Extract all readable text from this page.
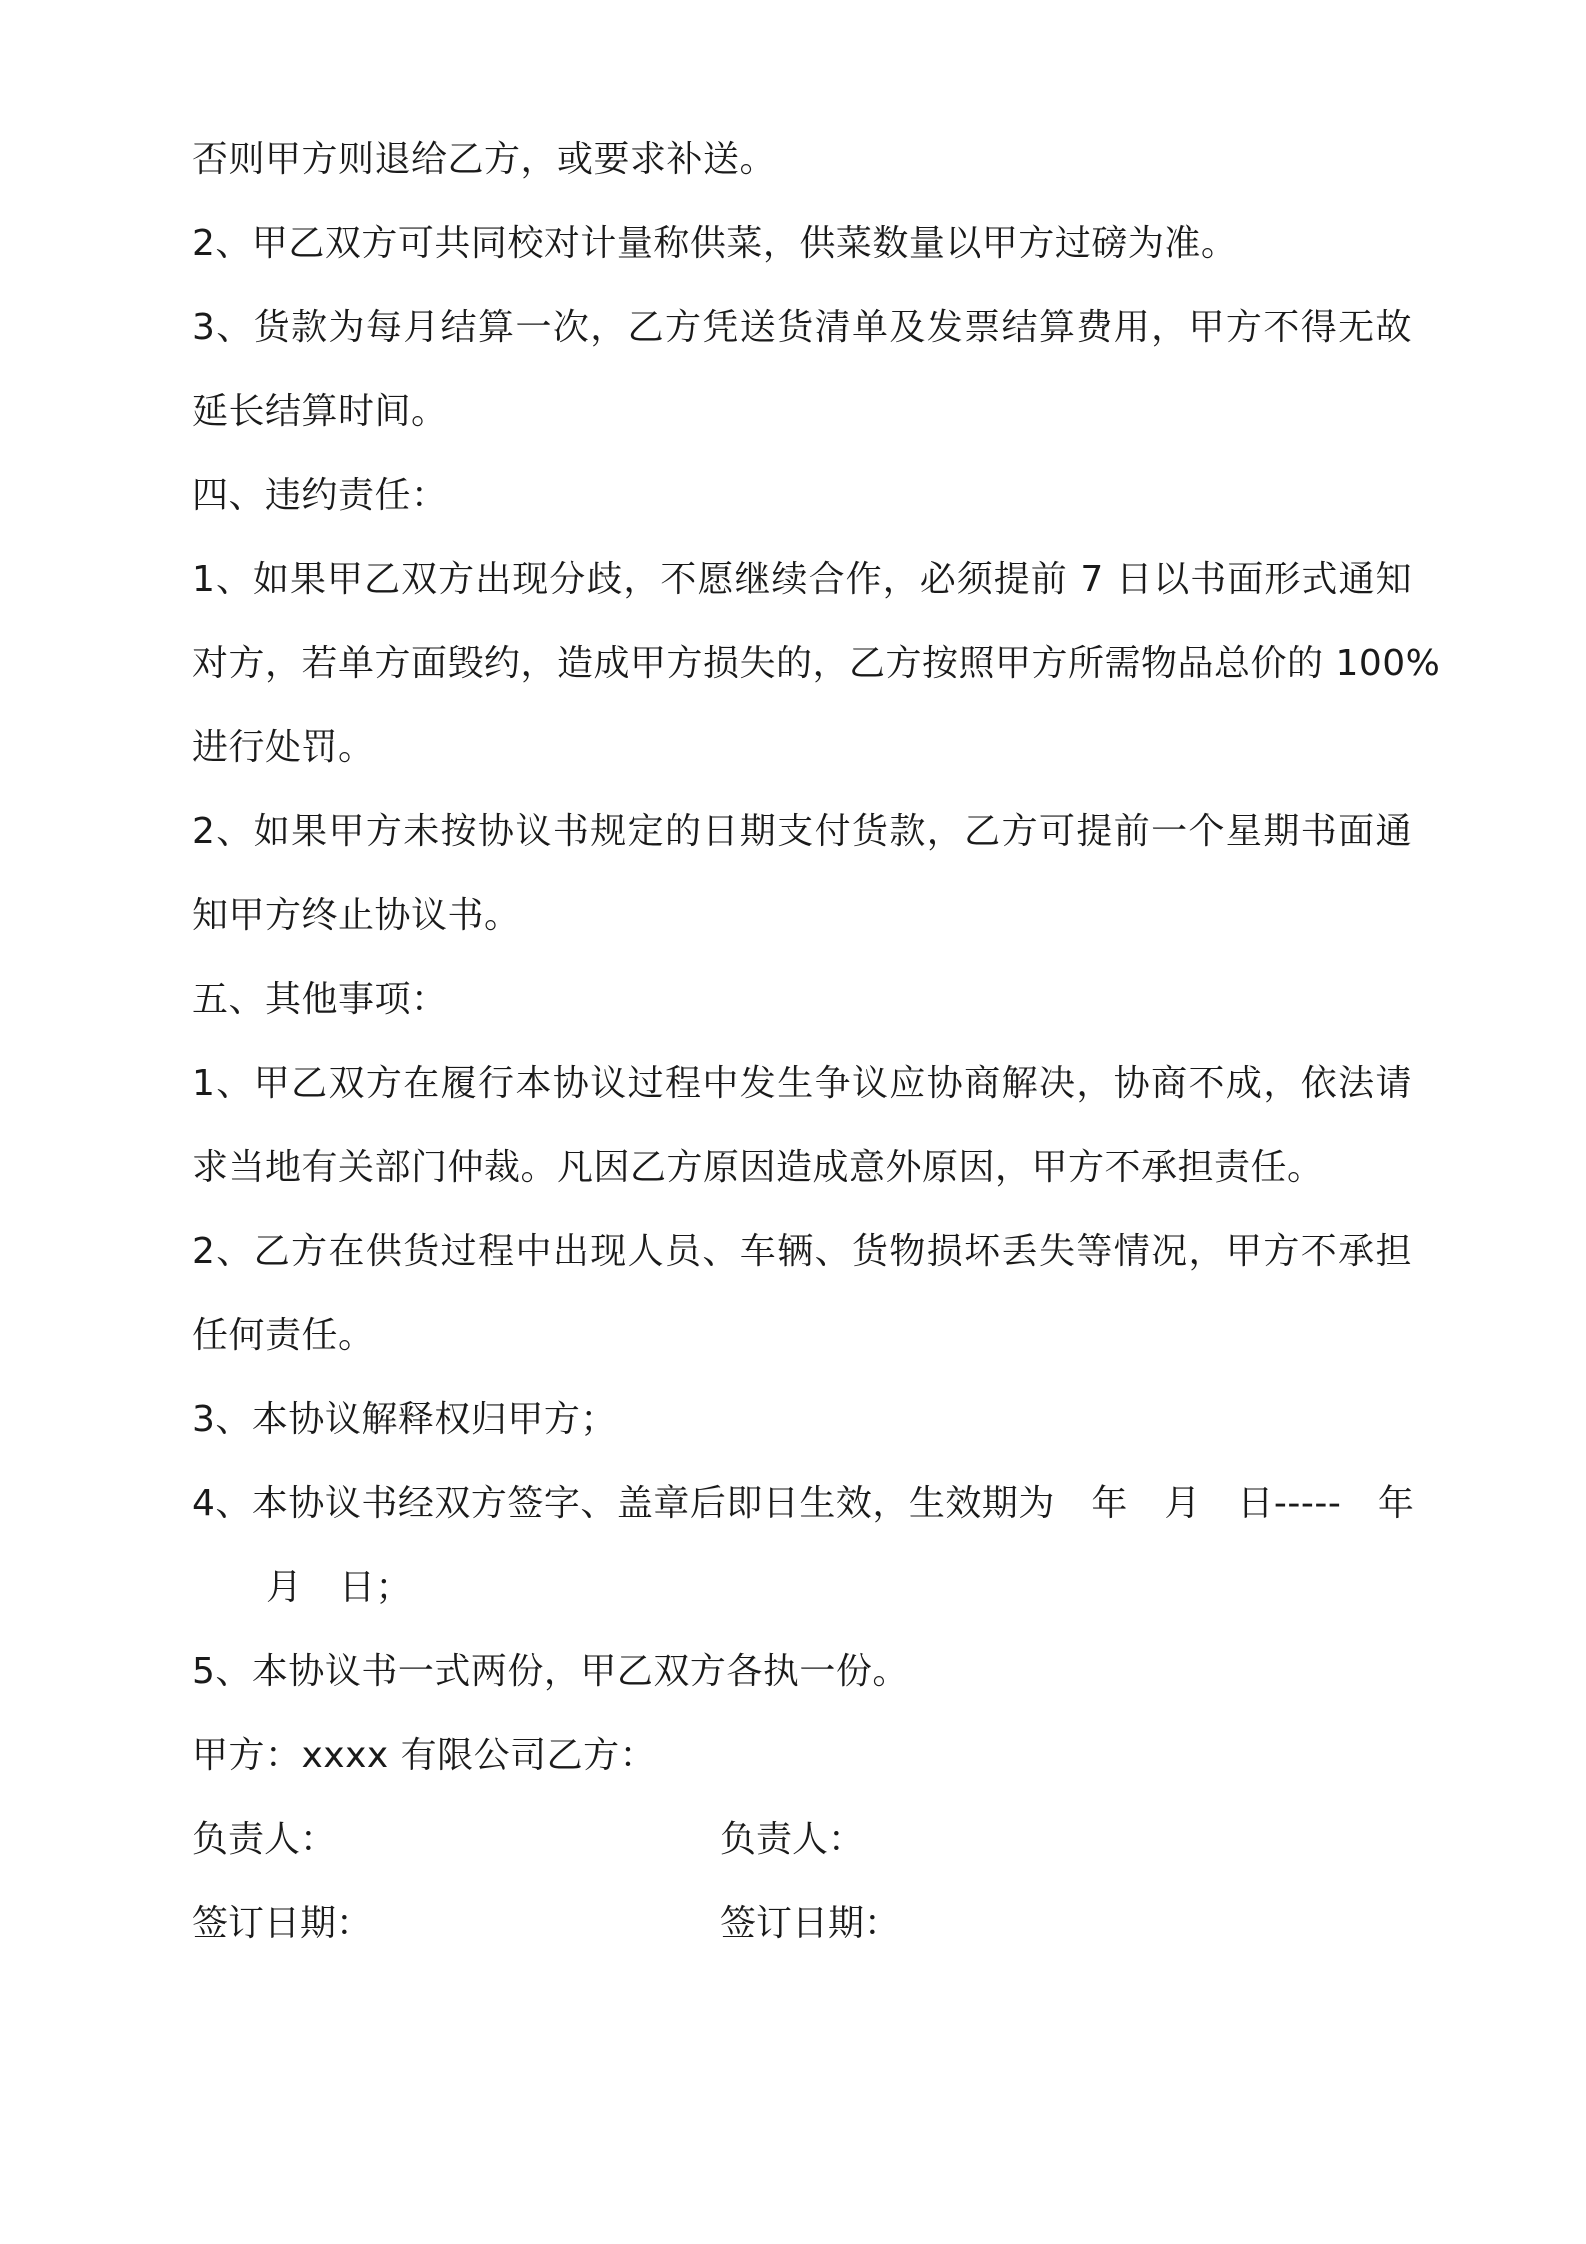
否则甲方则退给乙方，或要求补送。
2、甲乙双方可共同校对计量称供菜，供菜数量以甲方过磅为准。
3、货款为每月结算一次，乙方凭送货清单及发票结算费用，甲方不得无故
延长结算时间。
四、违约责任：
1、如果甲乙双方出现分歧，不愿继续合作，必须提前 7 日以书面形式通知
对方，若单方面毁约，造成甲方损失的，乙方按照甲方所需物品总价的 100%
进行处罚。
2、如果甲方未按协议书规定的日期支付货款，乙方可提前一个星期书面通
知甲方终止协议书。
五、其他事项：
1、甲乙双方在履行本协议过程中发生争议应协商解决，协商不成，依法请
求当地有关部门仲裁。凡因乙方原因造成意外原因，甲方不承担责任。
2、乙方在供货过程中出现人员、车辆、货物损坏丢失等情况，甲方不承担
任何责任。
3、本协议解释权归甲方；
4、本协议书经双方签字、盖章后即日生效，生效期为　年　月　日-----　年
月　日；
5、本协议书一式两份，甲乙双方各执一份。
甲方：xxxx 有限公司乙方：
负责人：	负责人：
签订日期：	签订日期：
